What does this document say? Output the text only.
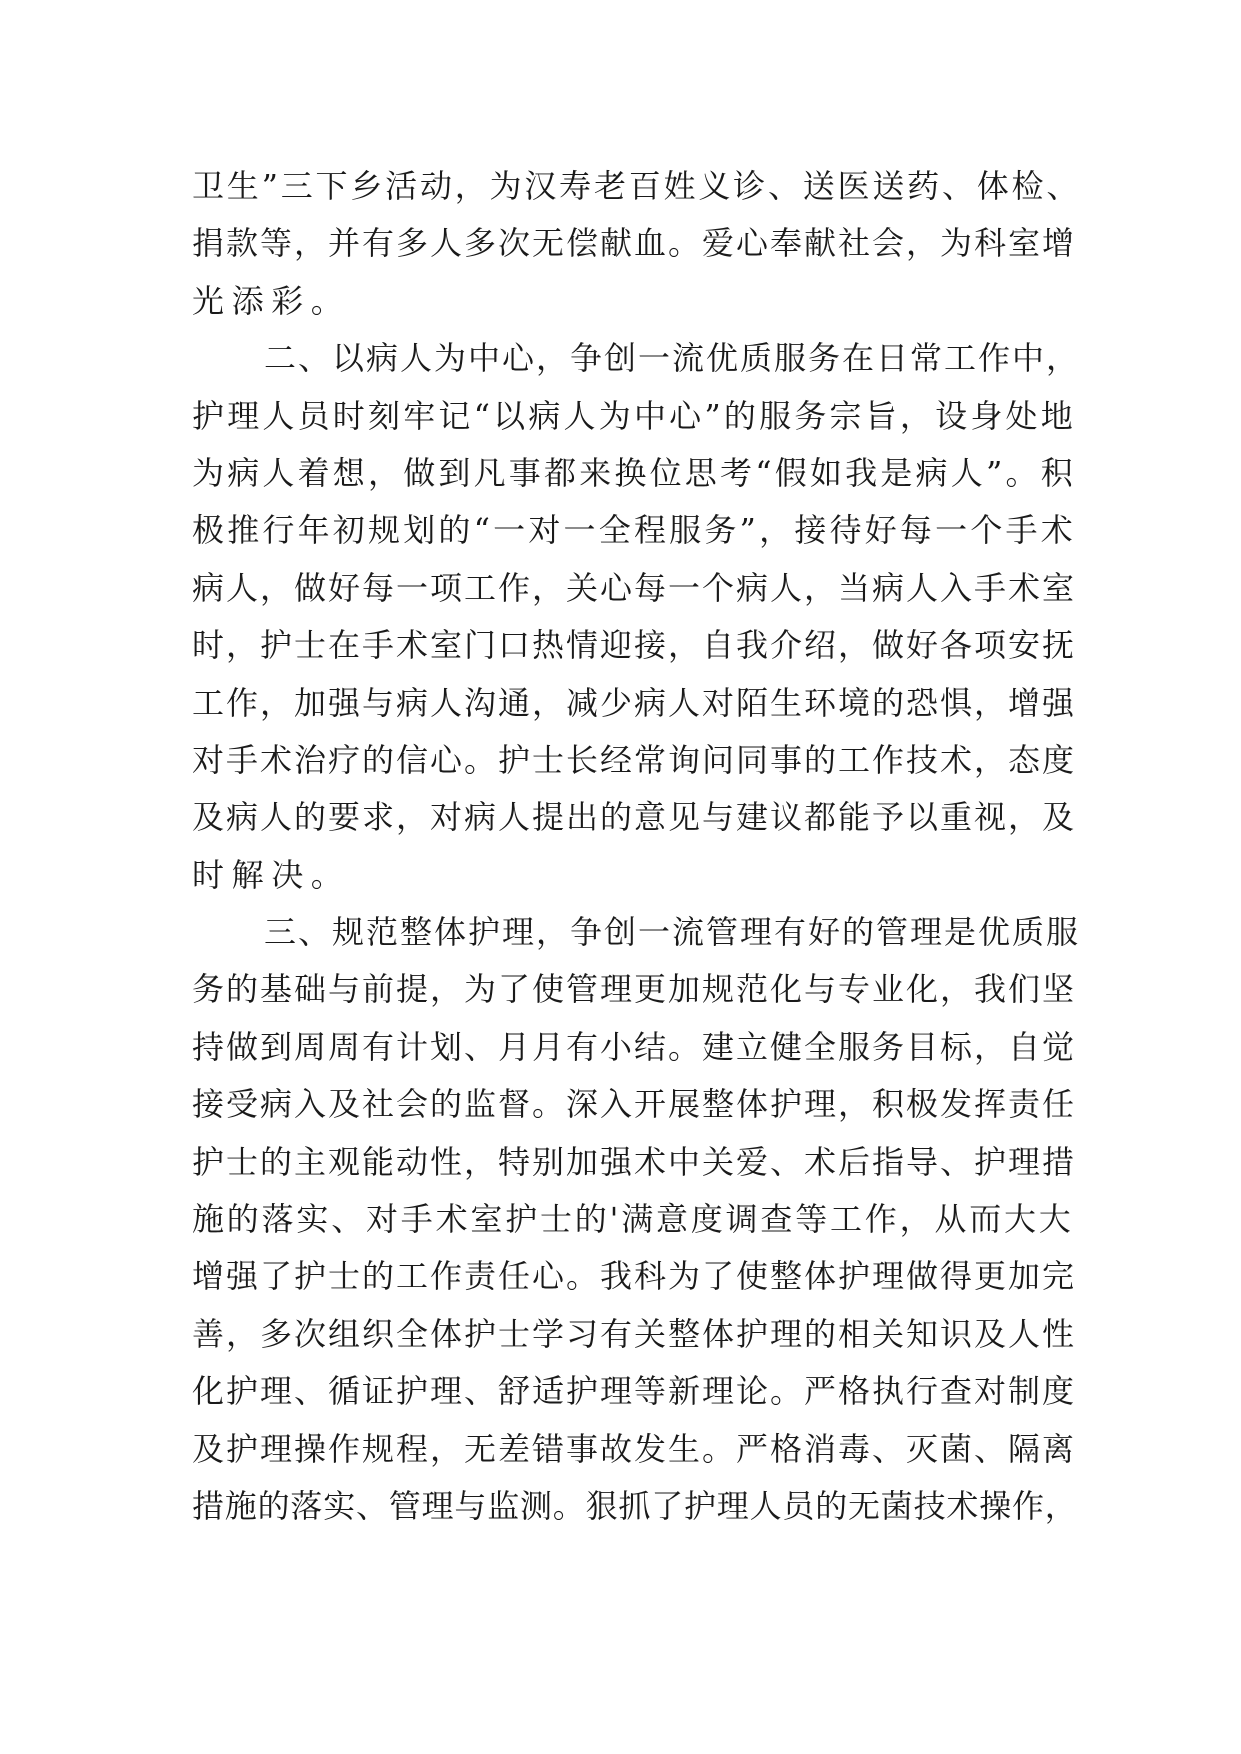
卫生”三下乡活动，为汉寿老百姓义诊、送医送药、体检、
捐款等，并有多人多次无偿献血。爱心奉献社会，为科室增
光添彩。
二、以病人为中心，争创一流优质服务在日常工作中，
护理人员时刻牢记“以病人为中心”的服务宗旨，设身处地
为病人着想，做到凡事都来换位思考“假如我是病人”。积
极推行年初规划的“一对一全程服务”，接待好每一个手术
病人，做好每一项工作，关心每一个病人，当病人入手术室
时，护士在手术室门口热情迎接，自我介绍，做好各项安抚
工作，加强与病人沟通，减少病人对陌生环境的恐惧，增强
对手术治疗的信心。护士长经常询问同事的工作技术，态度
及病人的要求，对病人提出的意见与建议都能予以重视，及
时解决。
三、规范整体护理，争创一流管理有好的管理是优质服
务的基础与前提，为了使管理更加规范化与专业化，我们坚
持做到周周有计划、月月有小结。建立健全服务目标，自觉
接受病入及社会的监督。深入开展整体护理，积极发挥责任
护士的主观能动性，特别加强术中关爱、术后指导、护理措
施的落实、对手术室护士的'满意度调查等工作，从而大大
增强了护士的工作责任心。我科为了使整体护理做得更加完
善，多次组织全体护士学习有关整体护理的相关知识及人性
化护理、循证护理、舒适护理等新理论。严格执行查对制度
及护理操作规程，无差错事故发生。严格消毒、灭菌、隔离
措施的落实、管理与监测。狠抓了护理人员的无菌技术操作，
